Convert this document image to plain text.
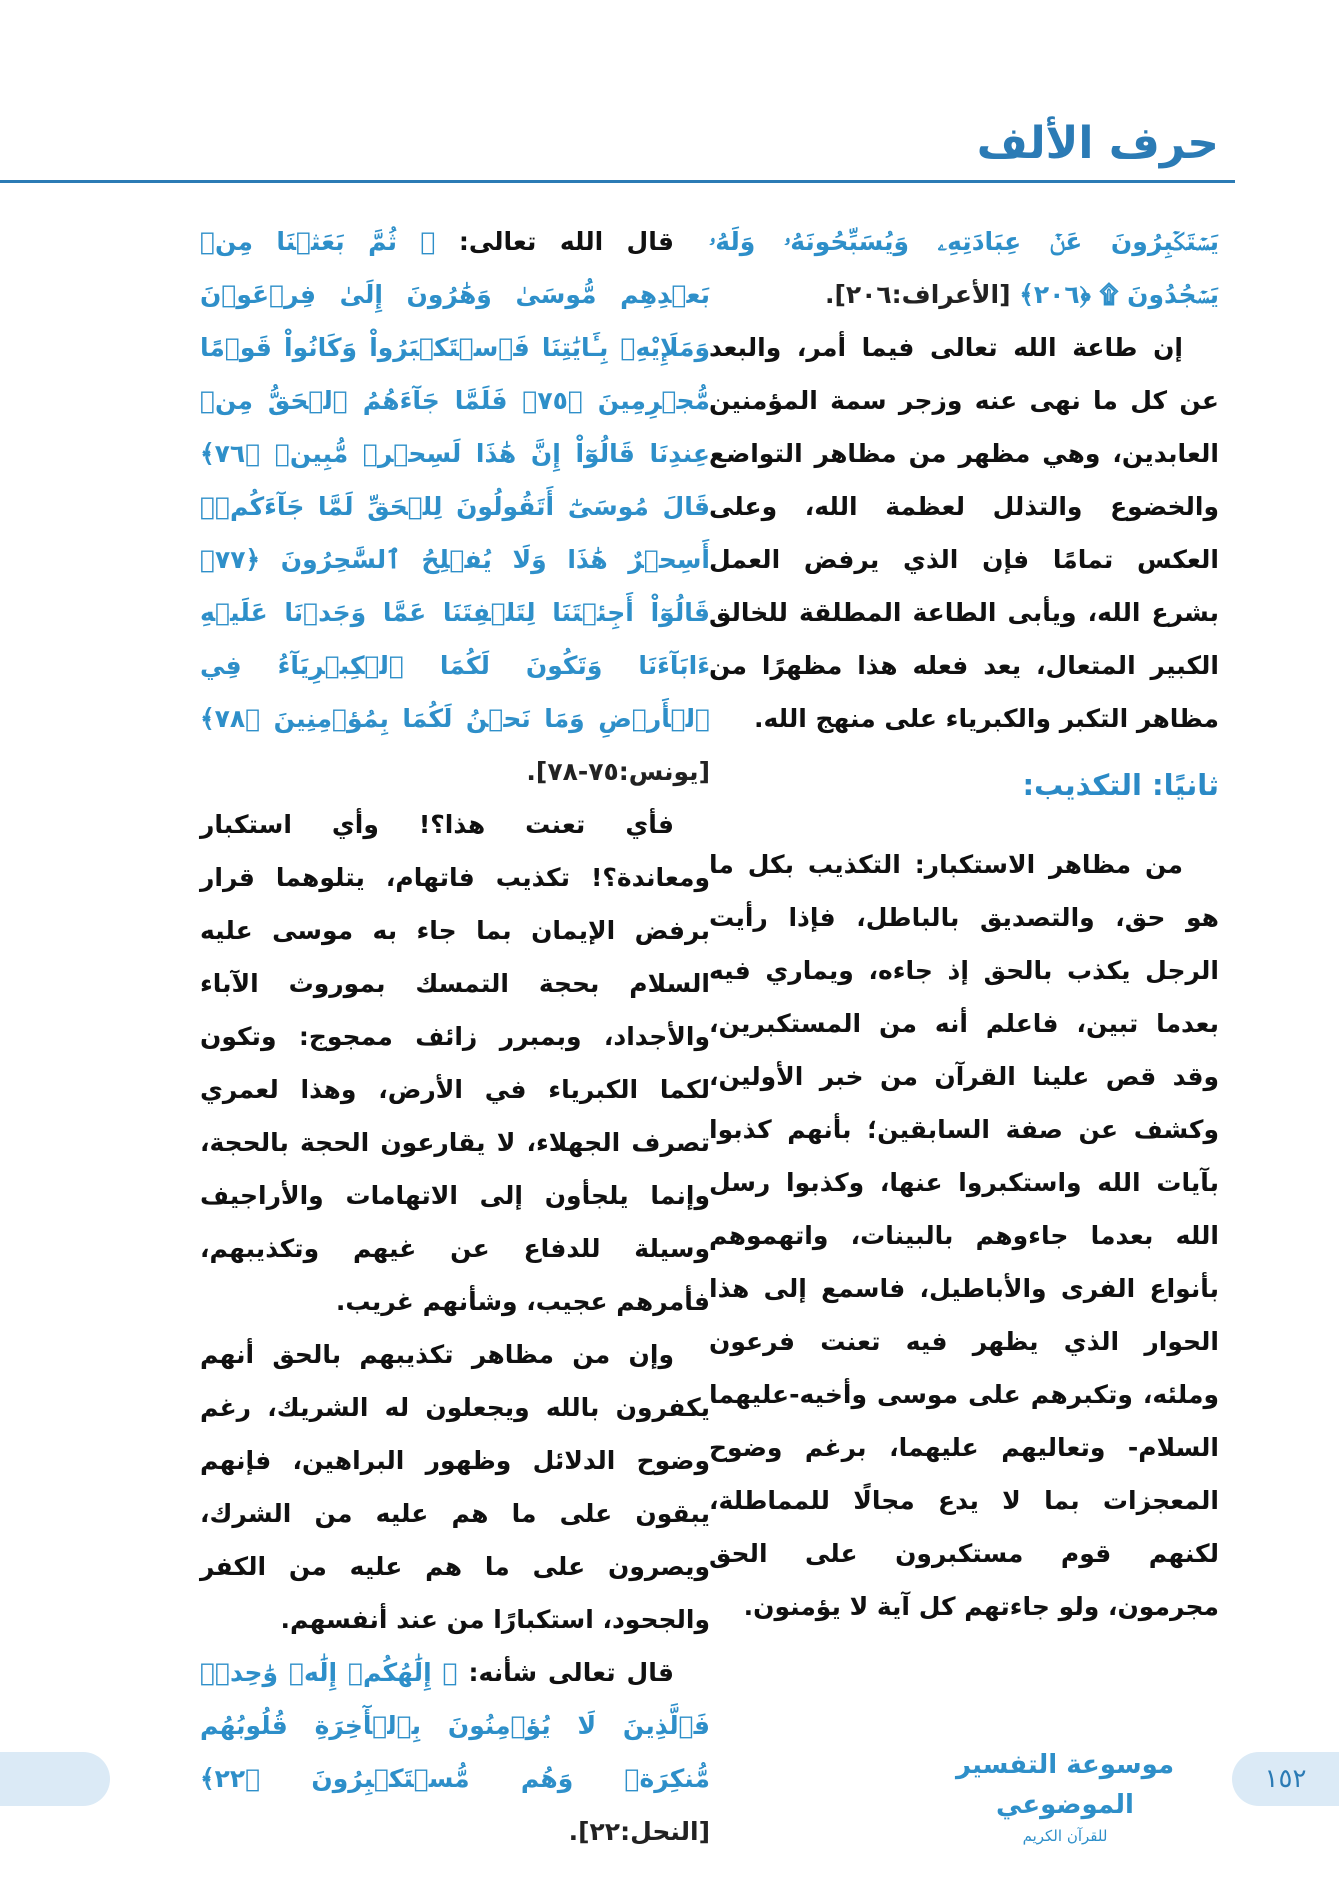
حرف الألف

يَسۡتَكۡبِرُونَ عَنۡ عِبَادَتِهِۦ وَيُسَبِّحُونَهُۥ وَلَهُۥ يَسۡجُدُونَ ۩ ﴿٢٠٦﴾ [الأعراف:٢٠٦].

إن طاعة الله تعالى فيما أمر، والبعد عن كل ما نهى عنه وزجر سمة المؤمنين العابدين، وهي مظهر من مظاهر التواضع والخضوع والتذلل لعظمة الله، وعلى العكس تمامًا فإن الذي يرفض العمل بشرع الله، ويأبى الطاعة المطلقة للخالق الكبير المتعال، يعد فعله هذا مظهرًا من مظاهر التكبر والكبرياء على منهج الله.

ثانيًا: التكذيب:

من مظاهر الاستكبار: التكذيب بكل ما هو حق، والتصديق بالباطل، فإذا رأيت الرجل يكذب بالحق إذ جاءه، ويماري فيه بعدما تبين، فاعلم أنه من المستكبرين، وقد قص علينا القرآن من خبر الأولين، وكشف عن صفة السابقين؛ بأنهم كذبوا بآيات الله واستكبروا عنها، وكذبوا رسل الله بعدما جاءوهم بالبينات، واتهموهم بأنواع الفرى والأباطيل، فاسمع إلى هذا الحوار الذي يظهر فيه تعنت فرعون وملئه، وتكبرهم على موسى وأخيه-عليهما السلام- وتعاليهم عليهما، برغم وضوح المعجزات بما لا يدع مجالًا للمماطلة، لكنهم قوم مستكبرون على الحق مجرمون، ولو جاءتهم كل آية لا يؤمنون.

قال الله تعالى: ﴿ ثُمَّ بَعَثۡنَا مِنۢ بَعۡدِهِم مُّوسَىٰ وَهَٰرُونَ إِلَىٰ فِرۡعَوۡنَ وَمَلَإِيْهِۦ بِـَٔايَٰتِنَا فَٱسۡتَكۡبَرُواْ وَكَانُواْ قَوۡمًا مُّجۡرِمِينَ ﴿٧٥﴾ فَلَمَّا جَآءَهُمُ ٱلۡحَقُّ مِنۡ عِندِنَا قَالُوٓاْ إِنَّ هَٰذَا لَسِحۡرٞ مُّبِينٞ ﴿٧٦﴾ قَالَ مُوسَىٰٓ أَتَقُولُونَ لِلۡحَقِّ لَمَّا جَآءَكُمۡۖ أَسِحۡرٌ هَٰذَا وَلَا يُفۡلِحُ ٱلسَّٰحِرُونَ ﴿٧٧﴾ قَالُوٓاْ أَجِئۡتَنَا لِتَلۡفِتَنَا عَمَّا وَجَدۡنَا عَلَيۡهِ ءَابَآءَنَا وَتَكُونَ لَكُمَا ٱلۡكِبۡرِيَآءُ فِي ٱلۡأَرۡضِ وَمَا نَحۡنُ لَكُمَا بِمُؤۡمِنِينَ ﴿٧٨﴾ [يونس:٧٥-٧٨].

فأي تعنت هذا؟! وأي استكبار ومعاندة؟! تكذيب فاتهام، يتلوهما قرار برفض الإيمان بما جاء به موسى عليه السلام بحجة التمسك بموروث الآباء والأجداد، وبمبرر زائف ممجوج: وتكون لكما الكبرياء في الأرض، وهذا لعمري تصرف الجهلاء، لا يقارعون الحجة بالحجة، وإنما يلجأون إلى الاتهامات والأراجيف وسيلة للدفاع عن غيهم وتكذيبهم، فأمرهم عجيب، وشأنهم غريب.

وإن من مظاهر تكذيبهم بالحق أنهم يكفرون بالله ويجعلون له الشريك، رغم وضوح الدلائل وظهور البراهين، فإنهم يبقون على ما هم عليه من الشرك، ويصرون على ما هم عليه من الكفر والجحود، استكبارًا من عند أنفسهم.

قال تعالى شأنه: ﴿ إِلَٰهُكُمۡ إِلَٰهٞ وَٰحِدٞۚ فَٱلَّذِينَ لَا يُؤۡمِنُونَ بِٱلۡأٓخِرَةِ قُلُوبُهُم مُّنكِرَةٞ وَهُم مُّسۡتَكۡبِرُونَ ﴿٢٢﴾ [النحل:٢٢].

١٥٢
موسوعة التفسير الموضوعي
للقرآن الكريم
